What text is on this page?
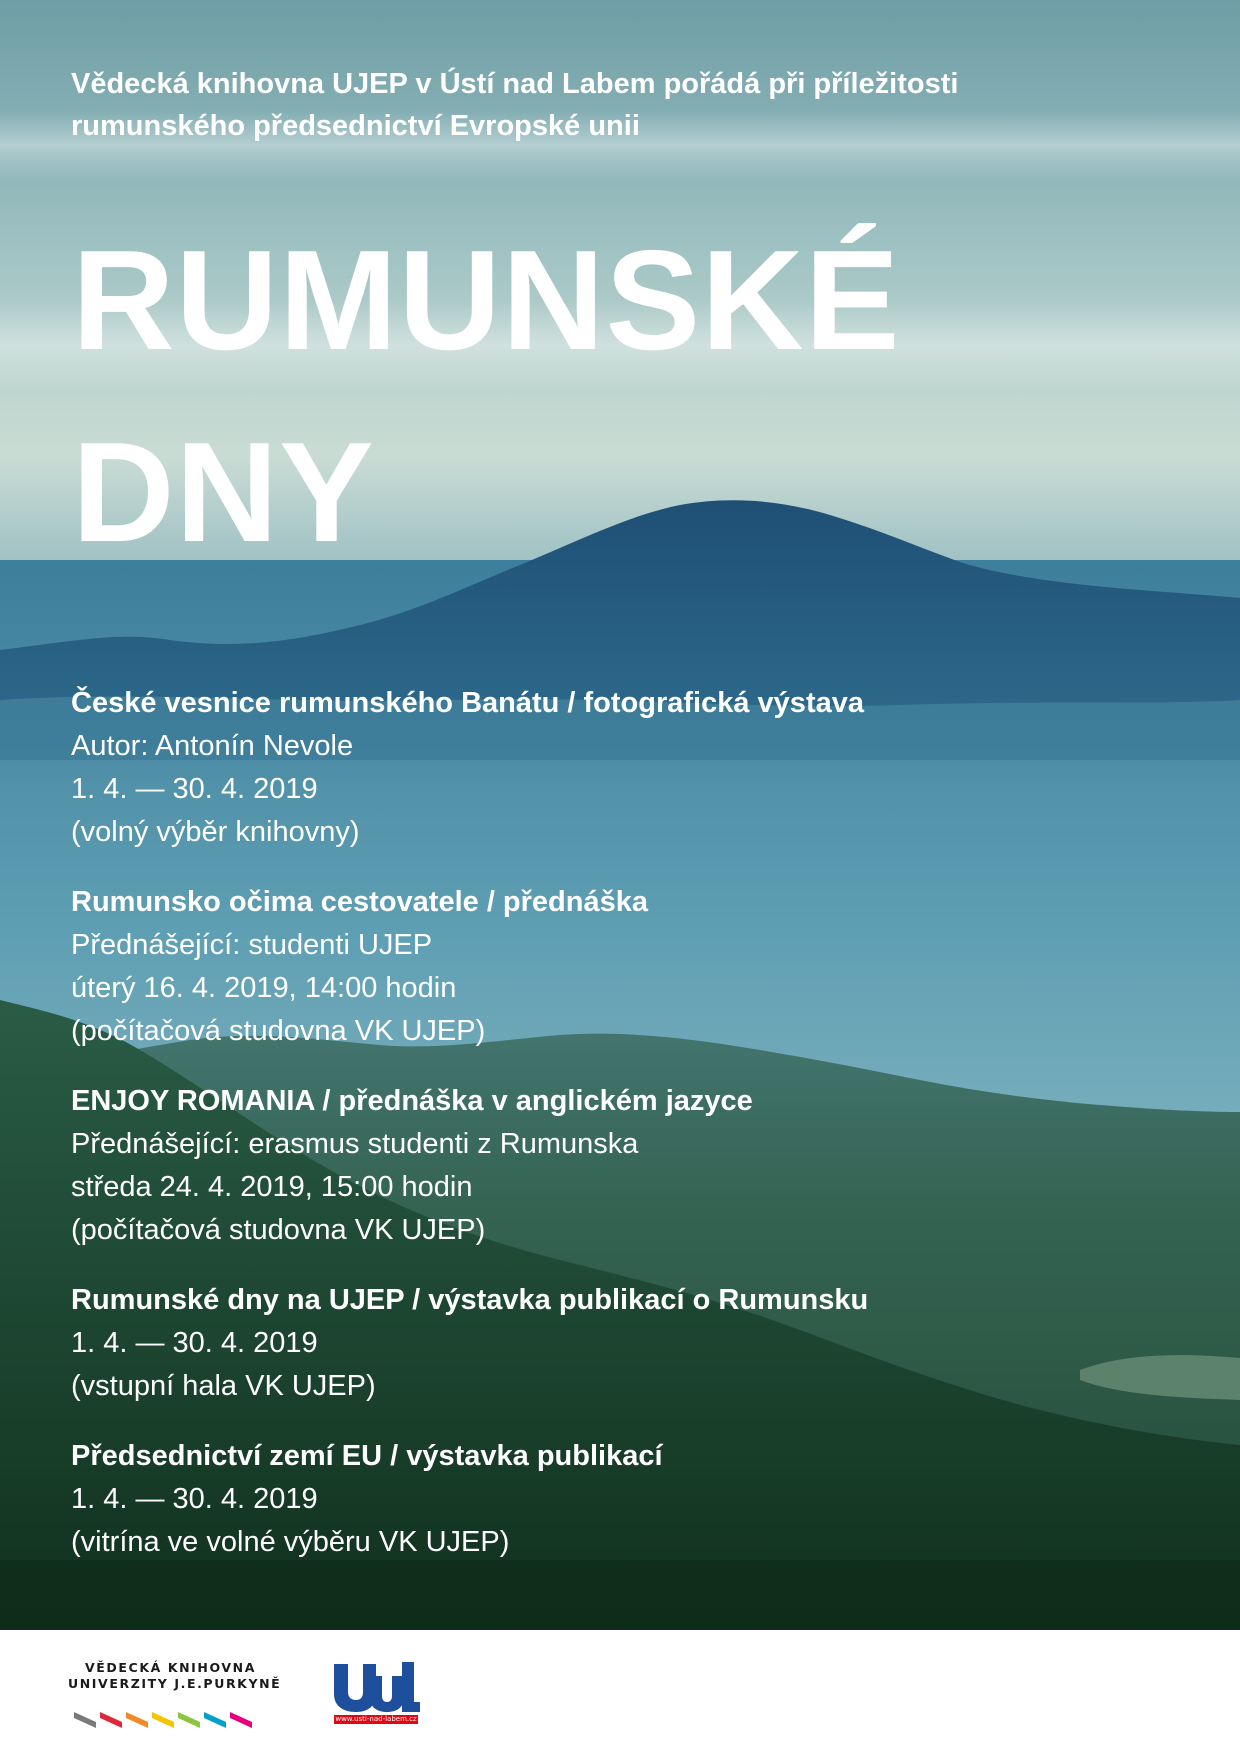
Vědecká knihovna UJEP v Ústí nad Labem pořádá při příležitosti
rumunského předsednictví Evropské unii
RUMUNSKÉ
DNY
České vesnice rumunského Banátu / fotografická výstava
Autor: Antonín Nevole
1. 4. — 30. 4. 2019
(volný výběr knihovny)
Rumunsko očima cestovatele / přednáška
Přednášející: studenti UJEP
úterý 16. 4. 2019, 14:00 hodin
(počítačová studovna VK UJEP)
ENJOY ROMANIA / přednáška v anglickém jazyce
Přednášející: erasmus studenti z Rumunska
středa 24. 4. 2019, 15:00 hodin
(počítačová studovna VK UJEP)
Rumunské dny na UJEP / výstavka publikací o Rumunsku
1. 4. — 30. 4. 2019
(vstupní hala VK UJEP)
Předsednictví zemí EU / výstavka publikací
1. 4. — 30. 4. 2019
(vitrína ve volné výběru VK UJEP)
VĚDECKÁ KNIHOVNA
UNIVERZITY J.E.PURKYNĚ
www.usti-nad-labem.cz
